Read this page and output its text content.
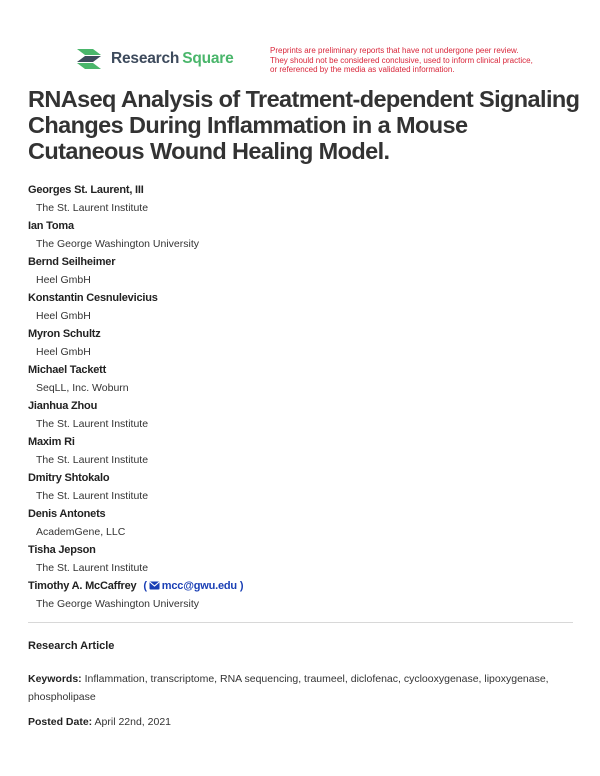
Research Square	Preprints are preliminary reports that have not undergone peer review.
They should not be considered conclusive, used to inform clinical practice,
or referenced by the media as validated information.
RNAseq Analysis of Treatment-dependent Signaling Changes During Inflammation in a Mouse Cutaneous Wound Healing Model.
Georges St. Laurent, III
The St. Laurent Institute
Ian Toma
The George Washington University
Bernd Seilheimer
Heel GmbH
Konstantin Cesnulevicius
Heel GmbH
Myron Schultz
Heel GmbH
Michael Tackett
SeqLL, Inc. Woburn
Jianhua Zhou
The St. Laurent Institute
Maxim Ri
The St. Laurent Institute
Dmitry Shtokalo
The St. Laurent Institute
Denis Antonets
AcademGene, LLC
Tisha Jepson
The St. Laurent Institute
Timothy A. McCaffrey ( mcc@gwu.edu )
The George Washington University
Research Article
Keywords: Inflammation, transcriptome, RNA sequencing, traumeel, diclofenac, cyclooxygenase, lipoxygenase, phospholipase
Posted Date: April 22nd, 2021
